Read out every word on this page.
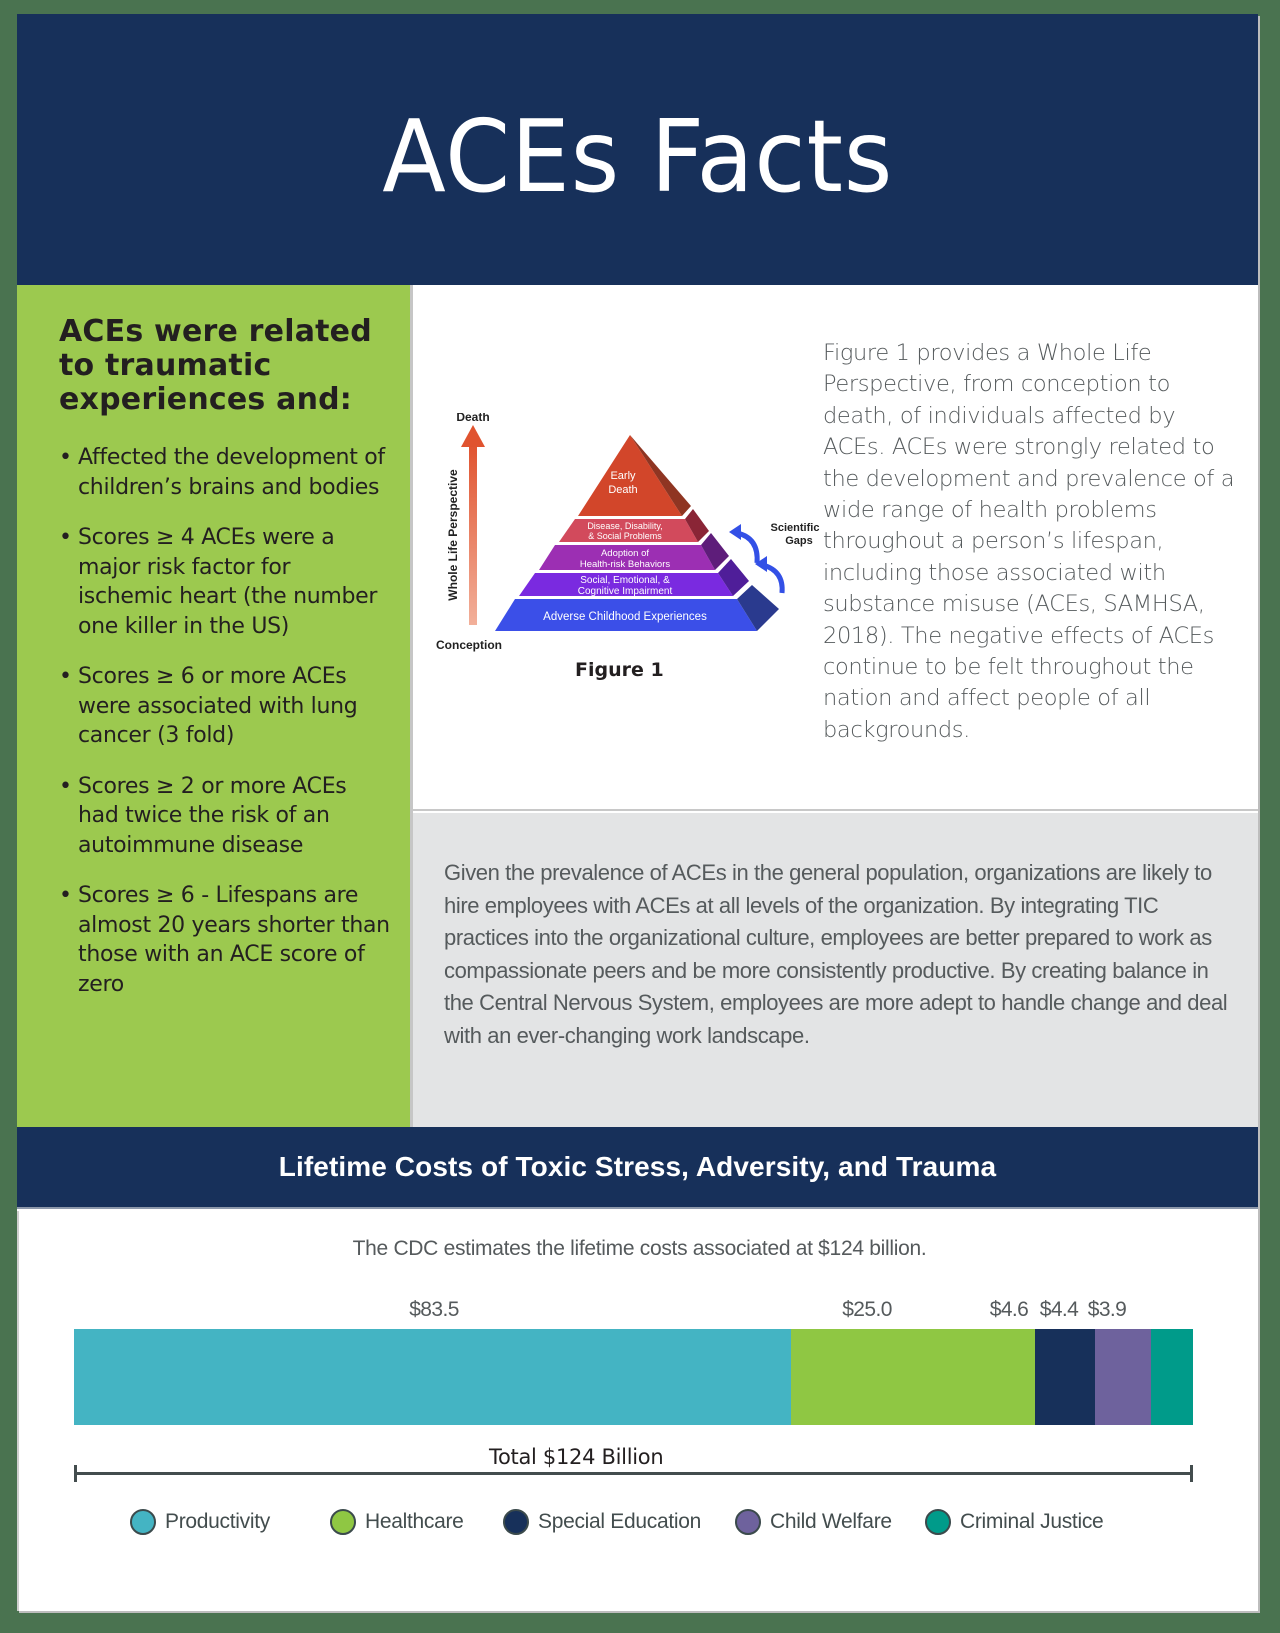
ACEs Facts
ACEs were related to traumatic experiences and:
• Affected the development of children’s brains and bodies
• Scores ≥ 4 ACEs were a major risk factor for ischemic heart (the number one killer in the US)
• Scores ≥ 6 or more ACEs were associated with lung cancer (3 fold)
• Scores ≥ 2 or more ACEs had twice the risk of an autoimmune disease
• Scores ≥ 6 - Lifespans are almost 20 years shorter than those with an ACE score of zero
Death
Conception
Whole Life Perspective	Early
Death
Disease, Disability,
& Social Problems
Adoption of
Health-risk Behaviors
Social, Emotional, &
Cognitive Impairment
Adverse Childhood Experiences
Scientific
Gaps
Figure 1

Figure 1 provides a Whole Life Perspective, from conception to death, of individuals affected by ACEs. ACEs were strongly related to the development and prevalence of a wide range of health problems throughout a person’s lifespan, including those associated with substance misuse (ACEs, SAMHSA, 2018). The negative effects of ACEs continue to be felt throughout the nation and affect people of all backgrounds.

Given the prevalence of ACEs in the general population, organizations are likely to hire employees with ACEs at all levels of the organization. By integrating TIC practices into the organizational culture, employees are better prepared to work as compassionate peers and be more consistently productive. By creating balance in the Central Nervous System, employees are more adept to handle change and deal with an ever-changing work landscape.

Lifetime Costs of Toxic Stress, Adversity, and Trauma
The CDC estimates the lifetime costs associated at $124 billion.
$83.5	$25.0	$4.6 $4.4 $3.9
Total $124 Billion
Productivity	Healthcare	Special Education	Child Welfare	Criminal Justice
